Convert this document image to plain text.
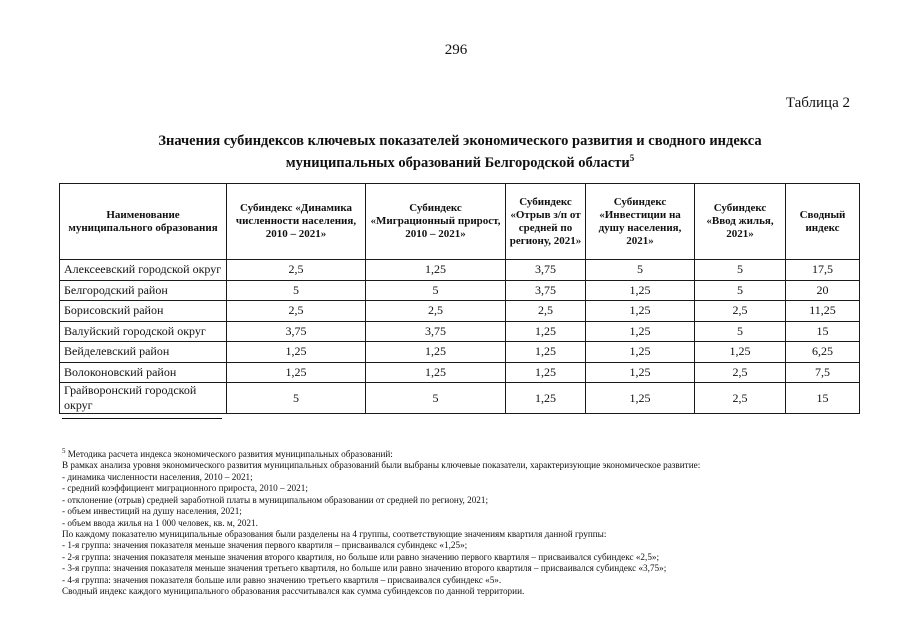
296
Таблица 2
Значения субиндексов ключевых показателей экономического развития и сводного индекса
муниципальных образований Белгородской области$^5$
Наименование муниципального образования	Субиндекс «Динамика численности населения, 2010 – 2021»	Субиндекс «Миграционный прирост, 2010 – 2021»	Субиндекс «Отрыв з/п от средней по региону, 2021»	Субиндекс «Инвестиции на душу населения, 2021»	Субиндекс «Ввод жилья, 2021»	Сводный индекс
Алексеевский городской округ	2,5	1,25	3,75	5	5	17,5
Белгородский район	5	5	3,75	1,25	5	20
Борисовский район	2,5	2,5	2,5	1,25	2,5	11,25
Валуйский городской округ	3,75	3,75	1,25	1,25	5	15
Вейделевский район	1,25	1,25	1,25	1,25	1,25	6,25
Волоконовский район	1,25	1,25	1,25	1,25	2,5	7,5
Грайворонский городской округ	5	5	1,25	1,25	2,5	15
$^5$ Методика расчета индекса экономического развития муниципальных образований:
В рамках анализа уровня экономического развития муниципальных образований были выбраны ключевые показатели, характеризующие экономическое развитие:
- динамика численности населения, 2010 – 2021;
- средний коэффициент миграционного прироста, 2010 – 2021;
- отклонение (отрыв) средней заработной платы в муниципальном образовании от средней по региону, 2021;
- объем инвестиций на душу населения, 2021;
- объем ввода жилья на 1 000 человек, кв. м, 2021.
По каждому показателю муниципальные образования были разделены на 4 группы, соответствующие значениям квартиля данной группы:
- 1-я группа: значения показателя меньше значения первого квартиля – присваивался субиндекс «1,25»;
- 2-я группа: значения показателя меньше значения второго квартиля, но больше или равно значению первого квартиля – присваивался субиндекс «2,5»;
- 3-я группа: значения показателя меньше значения третьего квартиля, но больше или равно значению второго квартиля – присваивался субиндекс «3,75»;
- 4-я группа: значения показателя больше или равно значению третьего квартиля – присваивался субиндекс «5».
Сводный индекс каждого муниципального образования рассчитывался как сумма субиндексов по данной территории.
